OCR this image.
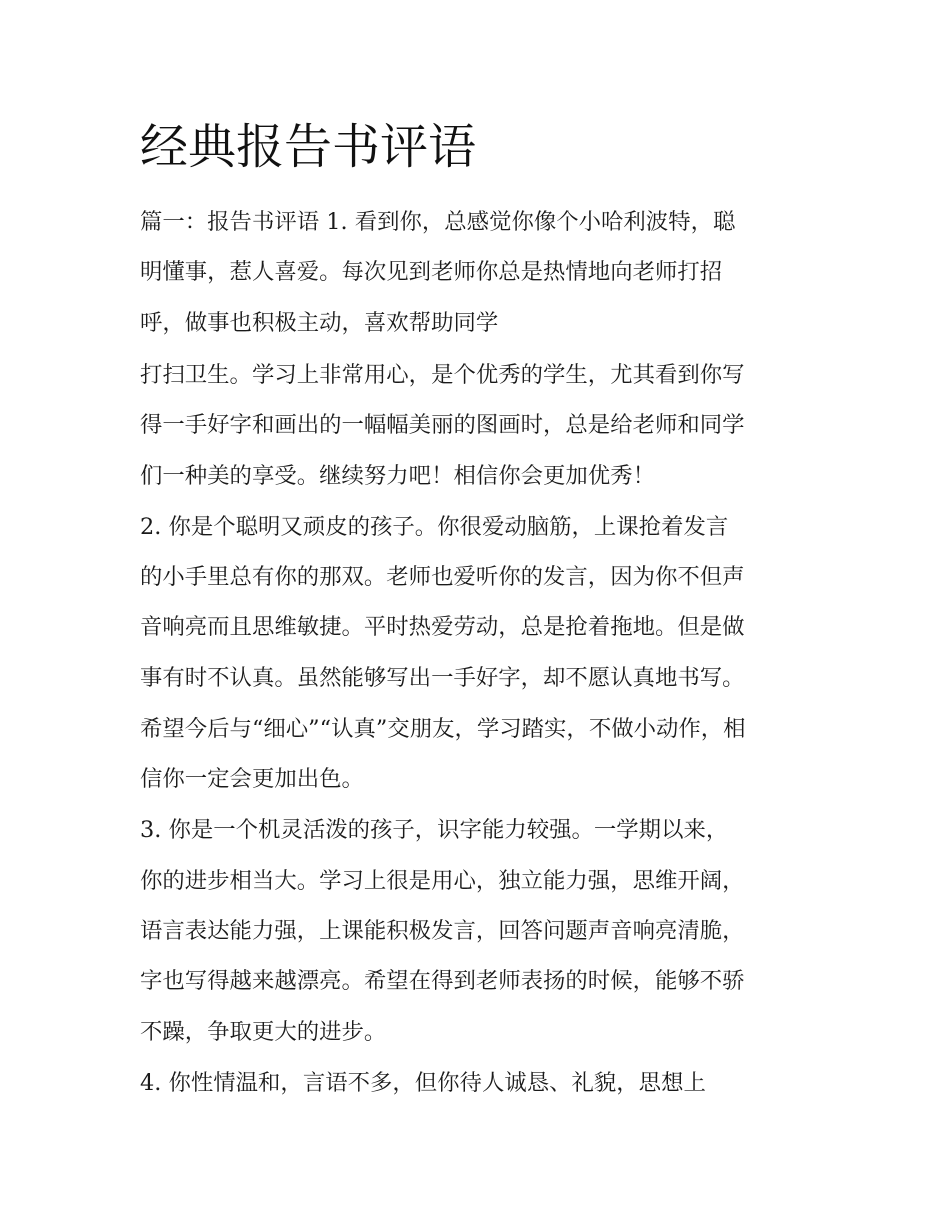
经典报告书评语

篇一：报告书评语 1. 看到你，总感觉你像个小哈利波特，聪

明懂事，惹人喜爱。每次见到老师你总是热情地向老师打招

呼，做事也积极主动，喜欢帮助同学

打扫卫生。学习上非常用心，是个优秀的学生，尤其看到你写

得一手好字和画出的一幅幅美丽的图画时，总是给老师和同学

们一种美的享受。继续努力吧！相信你会更加优秀！

2. 你是个聪明又顽皮的孩子。你很爱动脑筋，上课抢着发言

的小手里总有你的那双。老师也爱听你的发言，因为你不但声

音响亮而且思维敏捷。平时热爱劳动，总是抢着拖地。但是做

事有时不认真。虽然能够写出一手好字，却不愿认真地书写。

希望今后与“细心”“认真”交朋友，学习踏实，不做小动作，相

信你一定会更加出色。

3. 你是一个机灵活泼的孩子，识字能力较强。一学期以来，

你的进步相当大。学习上很是用心，独立能力强，思维开阔，

语言表达能力强，上课能积极发言，回答问题声音响亮清脆，

字也写得越来越漂亮。希望在得到老师表扬的时候，能够不骄

不躁，争取更大的进步。

4. 你性情温和，言语不多，但你待人诚恳、礼貌，思想上
